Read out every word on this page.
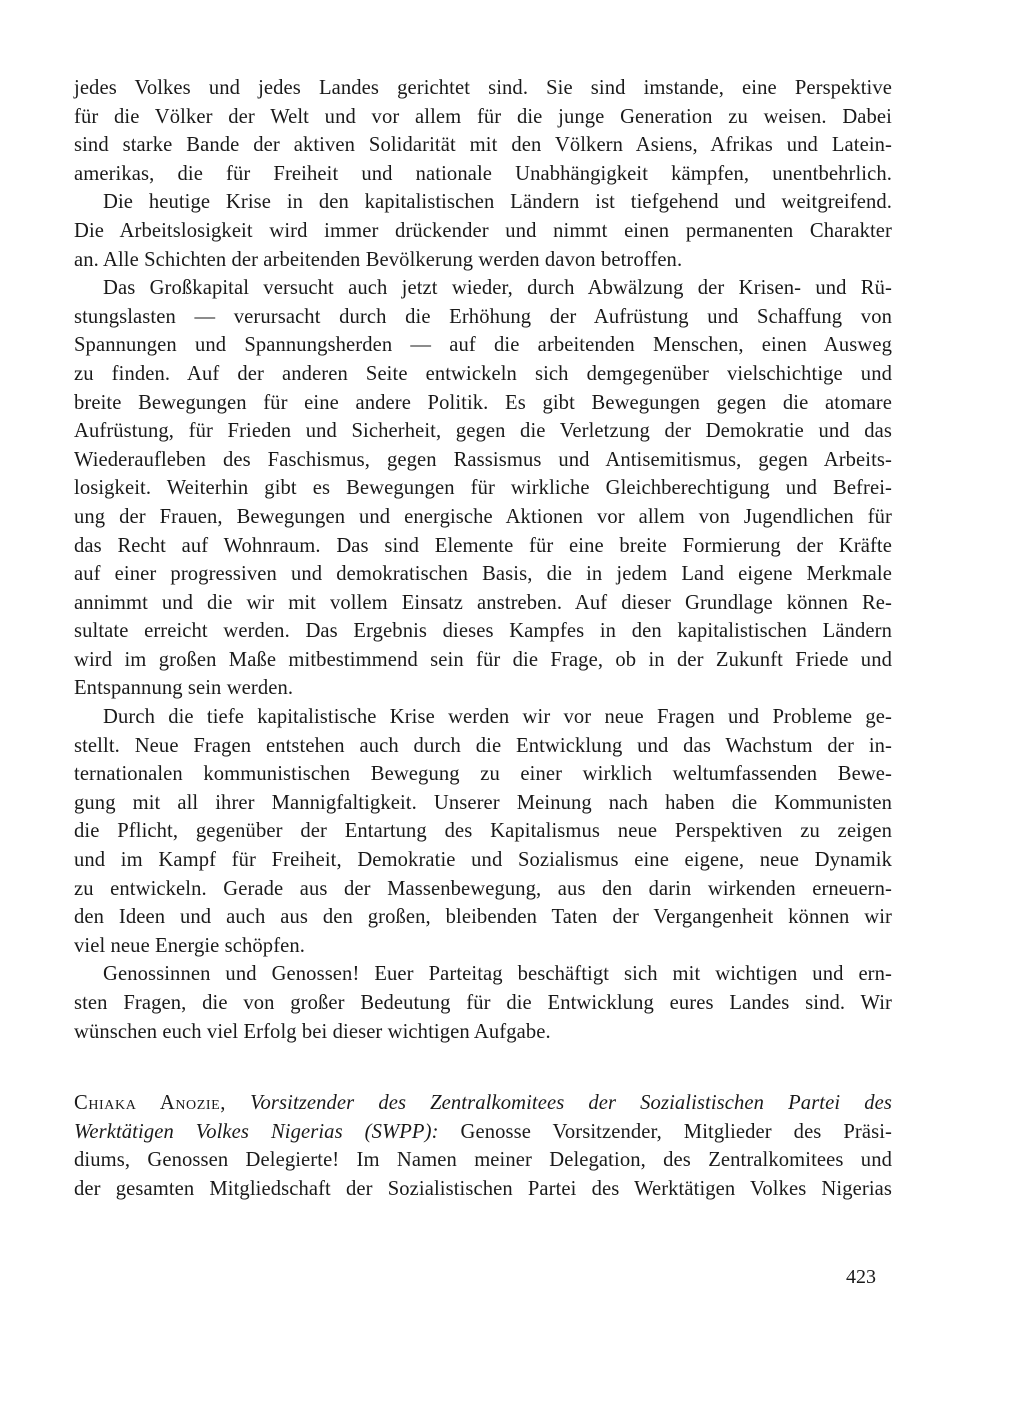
jedes Volkes und jedes Landes gerichtet sind. Sie sind imstande, eine Perspektive
für die Völker der Welt und vor allem für die junge Generation zu weisen. Dabei
sind starke Bande der aktiven Solidarität mit den Völkern Asiens, Afrikas und Latein-
amerikas, die für Freiheit und nationale Unabhängigkeit kämpfen, unentbehrlich.

Die heutige Krise in den kapitalistischen Ländern ist tiefgehend und weitgreifend.
Die Arbeitslosigkeit wird immer drückender und nimmt einen permanenten Charakter
an. Alle Schichten der arbeitenden Bevölkerung werden davon betroffen.

Das Großkapital versucht auch jetzt wieder, durch Abwälzung der Krisen- und Rü-
stungslasten — verursacht durch die Erhöhung der Aufrüstung und Schaffung von
Spannungen und Spannungsherden — auf die arbeitenden Menschen, einen Ausweg
zu finden. Auf der anderen Seite entwickeln sich demgegenüber vielschichtige und
breite Bewegungen für eine andere Politik. Es gibt Bewegungen gegen die atomare
Aufrüstung, für Frieden und Sicherheit, gegen die Verletzung der Demokratie und das
Wiederaufleben des Faschismus, gegen Rassismus und Antisemitismus, gegen Arbeits-
losigkeit. Weiterhin gibt es Bewegungen für wirkliche Gleichberechtigung und Befrei-
ung der Frauen, Bewegungen und energische Aktionen vor allem von Jugendlichen für
das Recht auf Wohnraum. Das sind Elemente für eine breite Formierung der Kräfte
auf einer progressiven und demokratischen Basis, die in jedem Land eigene Merkmale
annimmt und die wir mit vollem Einsatz anstreben. Auf dieser Grundlage können Re-
sultate erreicht werden. Das Ergebnis dieses Kampfes in den kapitalistischen Ländern
wird im großen Maße mitbestimmend sein für die Frage, ob in der Zukunft Friede und
Entspannung sein werden.

Durch die tiefe kapitalistische Krise werden wir vor neue Fragen und Probleme ge-
stellt. Neue Fragen entstehen auch durch die Entwicklung und das Wachstum der in-
ternationalen kommunistischen Bewegung zu einer wirklich weltumfassenden Bewe-
gung mit all ihrer Mannigfaltigkeit. Unserer Meinung nach haben die Kommunisten
die Pflicht, gegenüber der Entartung des Kapitalismus neue Perspektiven zu zeigen
und im Kampf für Freiheit, Demokratie und Sozialismus eine eigene, neue Dynamik
zu entwickeln. Gerade aus der Massenbewegung, aus den darin wirkenden erneuern-
den Ideen und auch aus den großen, bleibenden Taten der Vergangenheit können wir
viel neue Energie schöpfen.

Genossinnen und Genossen! Euer Parteitag beschäftigt sich mit wichtigen und ern-
sten Fragen, die von großer Bedeutung für die Entwicklung eures Landes sind. Wir
wünschen euch viel Erfolg bei dieser wichtigen Aufgabe.

Chiaka Anozie, Vorsitzender des Zentralkomitees der Sozialistischen Partei des
Werktätigen Volkes Nigerias (SWPP): Genosse Vorsitzender, Mitglieder des Präsi-
diums, Genossen Delegierte! Im Namen meiner Delegation, des Zentralkomitees und
der gesamten Mitgliedschaft der Sozialistischen Partei des Werktätigen Volkes Nigerias
423
